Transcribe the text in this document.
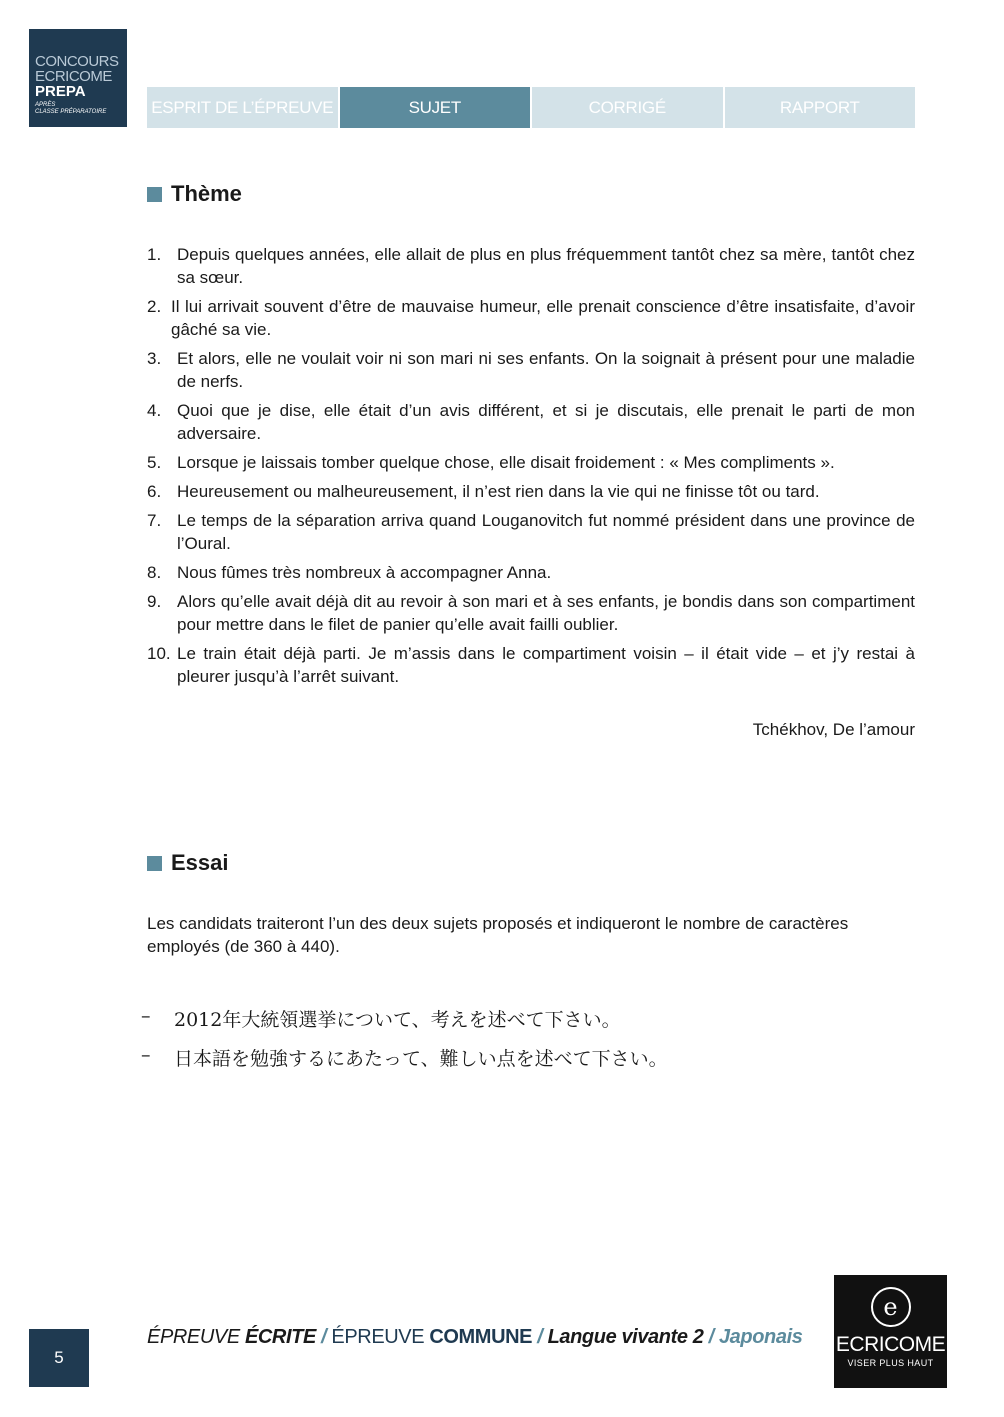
CONCOURS
ECRICOME
PREPA
APRÈS
CLASSE PRÉPARATOIRE	ESPRIT DE L’ÉPREUVE	SUJET	CORRIGÉ	RAPPORT
Thème
1. Depuis quelques années, elle allait de plus en plus fréquemment tantôt chez sa mère, tantôt chez sa sœur.
2. Il lui arrivait souvent d’être de mauvaise humeur, elle prenait conscience d’être insatisfaite, d’avoir gâché sa vie.
3. Et alors, elle ne voulait voir ni son mari ni ses enfants. On la soignait à présent pour une maladie de nerfs.
4. Quoi que je dise, elle était d’un avis différent, et si je discutais, elle prenait le parti de mon adversaire.
5. Lorsque je laissais tomber quelque chose, elle disait froidement : « Mes compliments ».
6. Heureusement ou malheureusement, il n’est rien dans la vie qui ne finisse tôt ou tard.
7. Le temps de la séparation arriva quand Louganovitch fut nommé président dans une province de l’Oural.
8. Nous fûmes très nombreux à accompagner Anna.
9. Alors qu’elle avait déjà dit au revoir à son mari et à ses enfants, je bondis dans son compartiment pour mettre dans le filet de panier qu’elle avait failli oublier.
10. Le train était déjà parti. Je m’assis dans le compartiment voisin – il était vide – et j’y restai à pleurer jusqu’à l’arrêt suivant.
Tchékhov, De l’amour
Essai
Les candidats traiteront l’un des deux sujets proposés et indiqueront le nombre de caractères employés (de 360 à 440).
–	2012年大統領選挙について、考えを述べて下さい。
–	日本語を勉強するにあたって、難しい点を述べて下さい。
5
ÉPREUVE ÉCRITE / ÉPREUVE COMMUNE / Langue vivante 2 / Japonais
e
ECRICOME
VISER PLUS HAUT
